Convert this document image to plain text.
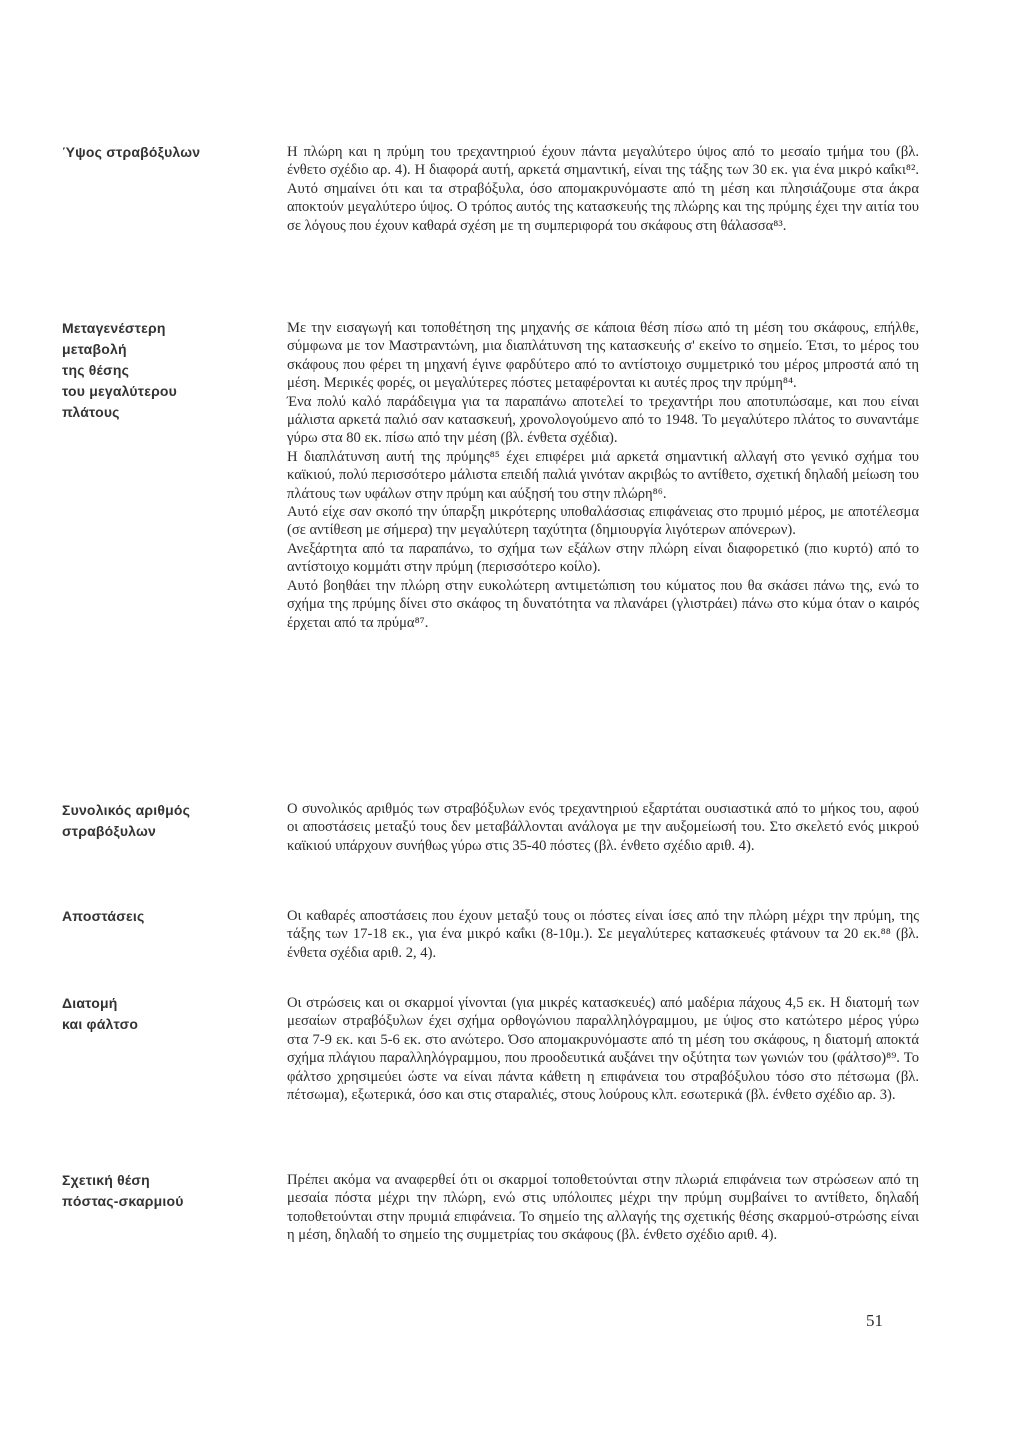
Ύψος στραβόξυλων	Η πλώρη και η πρύμη του τρεχαντηριού έχουν πάντα μεγαλύτερο ύψος από το μεσαίο τμήμα του (βλ. ένθετο σχέδιο αρ. 4). Η διαφορά αυτή, αρκετά σημαντική, είναι της τάξης των 30 εκ. για ένα μικρό καΐκι⁸². Αυτό σημαίνει ότι και τα στραβόξυλα, όσο απομακρυνόμαστε από τη μέση και πλησιάζουμε στα άκρα αποκτούν μεγαλύτερο ύψος. Ο τρόπος αυτός της κατασκευής της πλώρης και της πρύμης έχει την αιτία του σε λόγους που έχουν καθαρά σχέση με τη συμπεριφορά του σκάφους στη θάλασσα⁸³.

Μεταγενέστερη
μεταβολή
της θέσης
του μεγαλύτερου
πλάτους

Με την εισαγωγή και τοποθέτηση της μηχανής σε κάποια θέση πίσω από τη μέση του σκάφους, επήλθε, σύμφωνα με τον Μαστραντώνη, μια διαπλάτυνση της κατασκευής σ' εκείνο το σημείο. Έτσι, το μέρος του σκάφους που φέρει τη μηχανή έγινε φαρδύτερο από το αντίστοιχο συμμετρικό του μέρος μπροστά από τη μέση. Μερικές φορές, οι μεγαλύτερες πόστες μεταφέρονται κι αυτές προς την πρύμη⁸⁴.

Ένα πολύ καλό παράδειγμα για τα παραπάνω αποτελεί το τρεχαντήρι που αποτυπώσαμε, και που είναι μάλιστα αρκετά παλιό σαν κατασκευή, χρονολογούμενο από το 1948. Το μεγαλύτερο πλάτος το συναντάμε γύρω στα 80 εκ. πίσω από την μέση (βλ. ένθετα σχέδια).

Η διαπλάτυνση αυτή της πρύμης⁸⁵ έχει επιφέρει μιά αρκετά σημαντική αλλαγή στο γενικό σχήμα του καϊκιού, πολύ περισσότερο μάλιστα επειδή παλιά γινόταν ακριβώς το αντίθετο, σχετική δηλαδή μείωση του πλάτους των υφάλων στην πρύμη και αύξησή του στην πλώρη⁸⁶.

Αυτό είχε σαν σκοπό την ύπαρξη μικρότερης υποθαλάσσιας επιφάνειας στο πρυμιό μέρος, με αποτέλεσμα (σε αντίθεση με σήμερα) την μεγαλύτερη ταχύτητα (δημιουργία λιγότερων απόνερων).

Ανεξάρτητα από τα παραπάνω, το σχήμα των εξάλων στην πλώρη είναι διαφορετικό (πιο κυρτό) από το αντίστοιχο κομμάτι στην πρύμη (περισσότερο κοίλο).

Αυτό βοηθάει την πλώρη στην ευκολώτερη αντιμετώπιση του κύματος που θα σκάσει πάνω της, ενώ το σχήμα της πρύμης δίνει στο σκάφος τη δυνατότητα να πλανάρει (γλιστράει) πάνω στο κύμα όταν ο καιρός έρχεται από τα πρύμα⁸⁷.

Συνολικός αριθμός
στραβόξυλων

Ο συνολικός αριθμός των στραβόξυλων ενός τρεχαντηριού εξαρτάται ουσιαστικά από το μήκος του, αφού οι αποστάσεις μεταξύ τους δεν μεταβάλλονται ανάλογα με την αυξομείωσή του. Στο σκελετό ενός μικρού καϊκιού υπάρχουν συνήθως γύρω στις 35-40 πόστες (βλ. ένθετο σχέδιο αριθ. 4).

Αποστάσεις	Οι καθαρές αποστάσεις που έχουν μεταξύ τους οι πόστες είναι ίσες από την πλώρη μέχρι την πρύμη, της τάξης των 17-18 εκ., για ένα μικρό καΐκι (8-10μ.). Σε μεγαλύτερες κατασκευές φτάνουν τα 20 εκ.⁸⁸ (βλ. ένθετα σχέδια αριθ. 2, 4).

Διατομή
και φάλτσο

Οι στρώσεις και οι σκαρμοί γίνονται (για μικρές κατασκευές) από μαδέρια πάχους 4,5 εκ. Η διατομή των μεσαίων στραβόξυλων έχει σχήμα ορθογώνιου παραλληλόγραμμου, με ύψος στο κατώτερο μέρος γύρω στα 7-9 εκ. και 5-6 εκ. στο ανώτερο. Όσο απομακρυνόμαστε από τη μέση του σκάφους, η διατομή αποκτά σχήμα πλάγιου παραλληλόγραμμου, που προοδευτικά αυξάνει την οξύτητα των γωνιών του (φάλτσο)⁸⁹. Το φάλτσο χρησιμεύει ώστε να είναι πάντα κάθετη η επιφάνεια του στραβόξυλου τόσο στο πέτσωμα (βλ. πέτσωμα), εξωτερικά, όσο και στις σταραλιές, στους λούρους κλπ. εσωτερικά (βλ. ένθετο σχέδιο αρ. 3).

Σχετική θέση
πόστας-σκαρμιού

Πρέπει ακόμα να αναφερθεί ότι οι σκαρμοί τοποθετούνται στην πλωριά επιφάνεια των στρώσεων από τη μεσαία πόστα μέχρι την πλώρη, ενώ στις υπόλοιπες μέχρι την πρύμη συμβαίνει το αντίθετο, δηλαδή τοποθετούνται στην πρυμιά επιφάνεια. Το σημείο της αλλαγής της σχετικής θέσης σκαρμού-στρώσης είναι η μέση, δηλαδή το σημείο της συμμετρίας του σκάφους (βλ. ένθετο σχέδιο αριθ. 4).

51
